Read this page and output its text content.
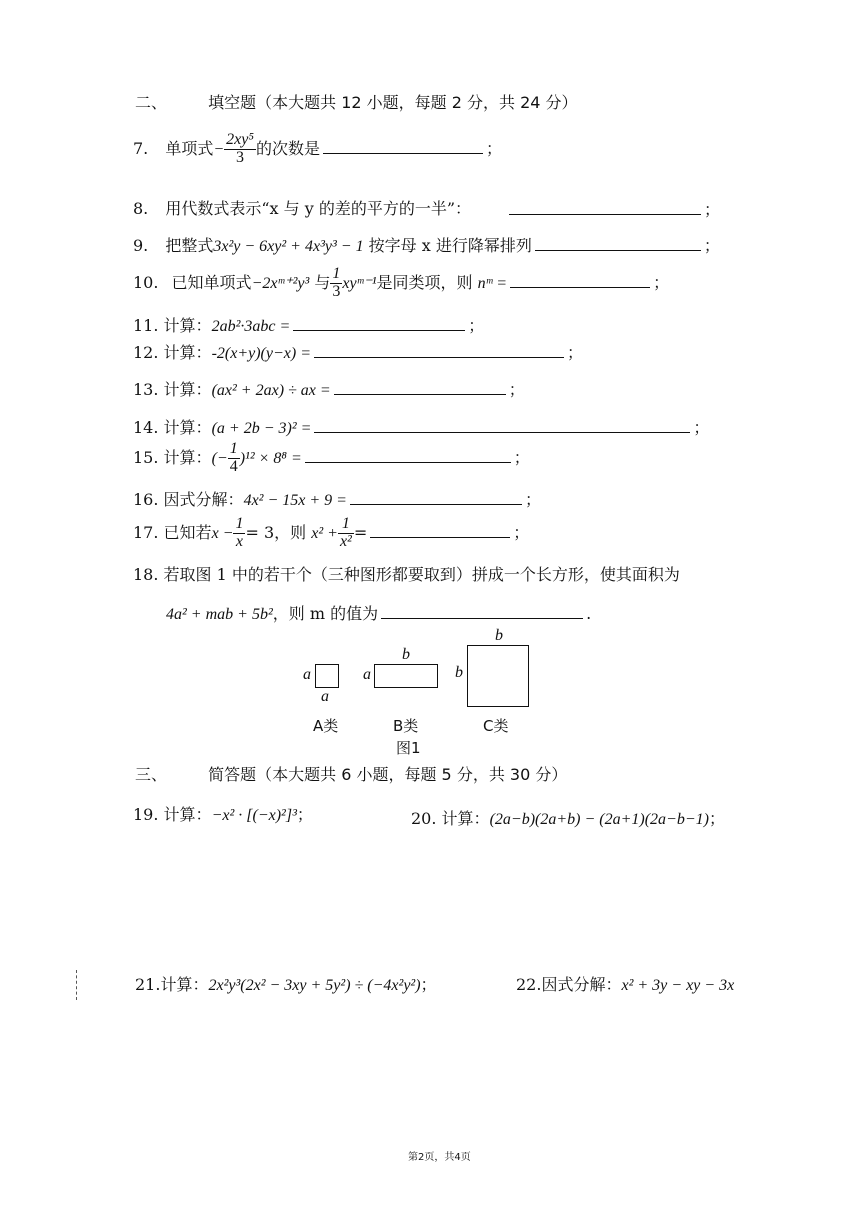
二、	填空题（本大题共 12 小题，每题 2 分，共 24 分）
7. 单项式− $\frac{\text{2xy⁵}}{3}$ 的次数是	；
8. 用代数式表示“x 与 y 的差的平方的一半”：	；
9. 把整式3x²y − 6xy² + 4x³y³ − 1 按字母 x 进行降幂排列	；
10. 已知单项式−2xᵐ⁺²y³ 与 $\frac{1}{3}$ xyᵐ⁻¹是同类项，则 nᵐ =	；
11. 计算：2ab²·3abc =	；
12. 计算：-2(x+y)(y−x) =	；
13. 计算：(ax² + 2ax) ÷ ax =	；
14. 计算：(a + 2b − 3)² =	；
15. 计算：(− $\frac{1}{4} )^{12} \times 8^8$ =	；
16. 因式分解：4x² − 15x + 9 =	；
17. 已知若$x - \frac{1}{x} = 3$，则 $x^2 + \frac{1}{\text{x²}}$ =	；
18. 若取图 1 中的若干个（三种图形都要取到）拼成一个长方形，使其面积为
4a² + mab + 5b²，则 m 的值为	.
a
a
b
a
b
b
A类	B类	C类
图1
三、	简答题（本大题共 6 小题，每题 5 分，共 30 分）
19. 计算：−x² · [(−x)²]³；	20. 计算：(2a−b)(2a+b) − (2a+1)(2a−b−1)；
21.计算：2x²y³(2x² − 3xy + 5y²) ÷ (−4x²y²)；	22.因式分解：x² + 3y − xy − 3x
第2页，共4页
